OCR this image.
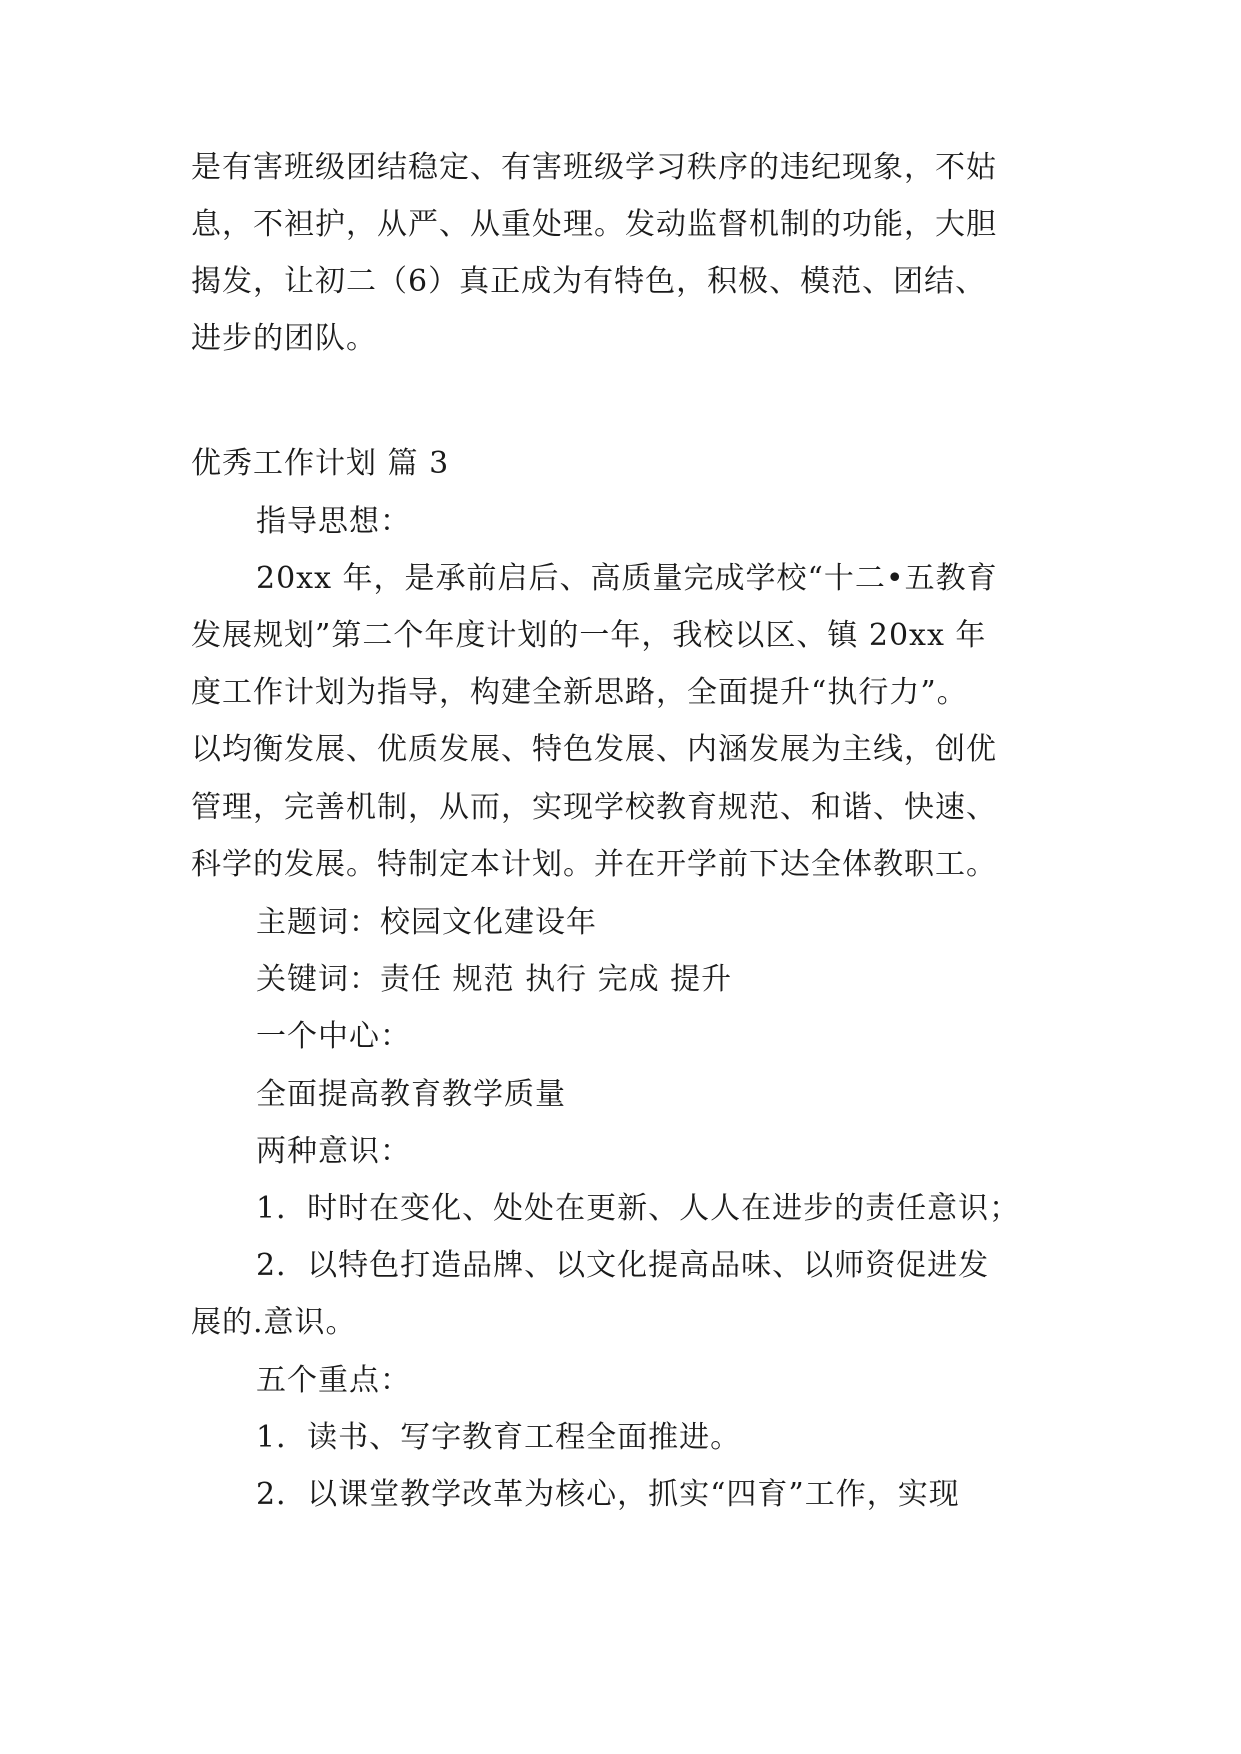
是有害班级团结稳定、有害班级学习秩序的违纪现象，不姑
息，不袒护，从严、从重处理。发动监督机制的功能，大胆
揭发，让初二（6）真正成为有特色，积极、模范、团结、
进步的团队。
优秀工作计划 篇 3
指导思想：
20xx 年，是承前启后、高质量完成学校“十二•五教育
发展规划”第二个年度计划的一年，我校以区、镇 20xx 年
度工作计划为指导，构建全新思路，全面提升“执行力”。
以均衡发展、优质发展、特色发展、内涵发展为主线，创优
管理，完善机制，从而，实现学校教育规范、和谐、快速、
科学的发展。特制定本计划。并在开学前下达全体教职工。
主题词：校园文化建设年
关键词：责任 规范 执行 完成 提升
一个中心：
全面提高教育教学质量
两种意识：
1．时时在变化、处处在更新、人人在进步的责任意识；
2．以特色打造品牌、以文化提高品味、以师资促进发
展的.意识。
五个重点：
1．读书、写字教育工程全面推进。
2．以课堂教学改革为核心，抓实“四育”工作，实现
